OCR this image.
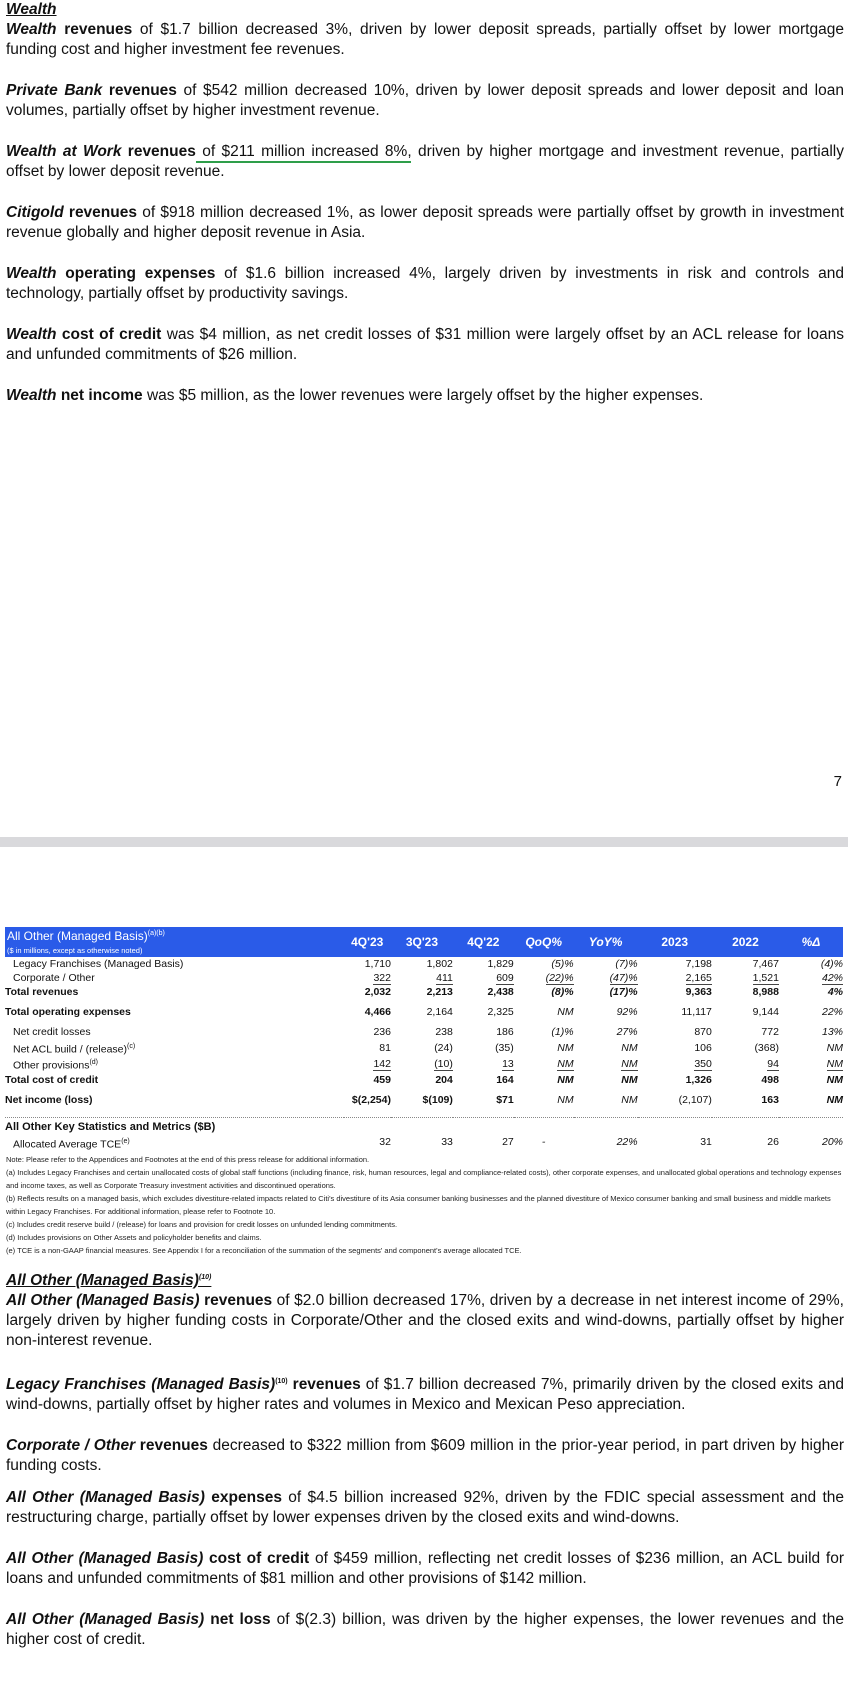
Wealth

Wealth revenues of $1.7 billion decreased 3%, driven by lower deposit spreads, partially offset by lower mortgage funding cost and higher investment fee revenues.

Private Bank revenues of $542 million decreased 10%, driven by lower deposit spreads and lower deposit and loan volumes, partially offset by higher investment revenue.

Wealth at Work revenues of $211 million increased 8%
, driven by higher mortgage and investment revenue, partially offset by lower deposit revenue.

Citigold revenues of $918 million decreased 1%, as lower deposit spreads were partially offset by growth in investment revenue globally and higher deposit revenue in Asia.

Wealth operating expenses of $1.6 billion increased 4%, largely driven by investments in risk and controls and technology, partially offset by productivity savings.

Wealth cost of credit was $4 million, as net credit losses of $31 million were largely offset by an ACL release for loans and unfunded commitments of $26 million.

Wealth net income was $5 million, as the lower revenues were largely offset by the higher expenses.

7
All Other (Managed Basis)$^{(a)(b)}$
($ in millions, except as otherwise noted)	4Q'23	3Q'23	4Q'22	QoQ%	YoY%	2023	2022	%Δ
Legacy Franchises (Managed Basis)	1,710	1,802	1,829	(5)%	(7)%	7,198	7,467	(4)%
Corporate / Other	322	411	609	(22)%	(47)%	2,165	1,521	42%
Total revenues	2,032	2,213	2,438	(8)%	(17)%	9,363	8,988	4%

Total operating expenses	4,466	2,164	2,325	NM	92%	11,117	9,144	22%

Net credit losses	236	238	186	(1)%	27%	870	772	13%
Net ACL build / (release)$^{(c)}$	81	(24)	(35)	NM	NM	106	(368)	NM
Other provisions$^{(d)}$	142	(10)	13	NM	NM	350	94	NM
Total cost of credit	459	204	164	NM	NM	1,326	498	NM

Net income (loss)	$(2,254)	$(109)	$71	NM	NM	(2,107)	163	NM

All Other Key Statistics and Metrics ($B)								
Allocated Average TCE$^{(e)}$	32	33	27	-	22%	31	26	20%
Note: Please refer to the Appendices and Footnotes at the end of this press release for additional information.
(a) Includes Legacy Franchises and certain unallocated costs of global staff functions (including finance, risk, human resources, legal and compliance-related costs), other corporate expenses, and unallocated global operations and technology expenses and income taxes, as well as Corporate Treasury investment activities and discontinued operations.
(b) Reflects results on a managed basis, which excludes divestiture-related impacts related to Citi's divestiture of its Asia consumer banking businesses and the planned divestiture of Mexico consumer banking and small business and middle markets within Legacy Franchises. For additional information, please refer to Footnote 10.
(c) Includes credit reserve build / (release) for loans and provision for credit losses on unfunded lending commitments.
(d) Includes provisions on Other Assets and policyholder benefits and claims.
(e) TCE is a non-GAAP financial measures. See Appendix I for a reconciliation of the summation of the segments' and component's average allocated TCE.

All Other (Managed Basis)$^{(10)}$

All Other (Managed Basis) revenues of $2.0 billion decreased 17%, driven by a decrease in net interest income of 29%, largely driven by higher funding costs in Corporate/Other and the closed exits and wind-downs, partially offset by higher non-interest revenue.

Legacy Franchises (Managed Basis)$^{(10)}$ revenues of $1.7 billion decreased 7%, primarily driven by the closed exits and wind-downs, partially offset by higher rates and volumes in Mexico and Mexican Peso appreciation.

Corporate / Other revenues decreased to $322 million from $609 million in the prior-year period, in part driven by higher funding costs.

All Other (Managed Basis) expenses of $4.5 billion increased 92%, driven by the FDIC special assessment and the restructuring charge, partially offset by lower expenses driven by the closed exits and wind-downs.

All Other (Managed Basis) cost of credit of $459 million, reflecting net credit losses of $236 million, an ACL build for loans and unfunded commitments of $81 million and other provisions of $142 million.

All Other (Managed Basis) net loss of $(2.3) billion, was driven by the higher expenses, the lower revenues and the higher cost of credit.
